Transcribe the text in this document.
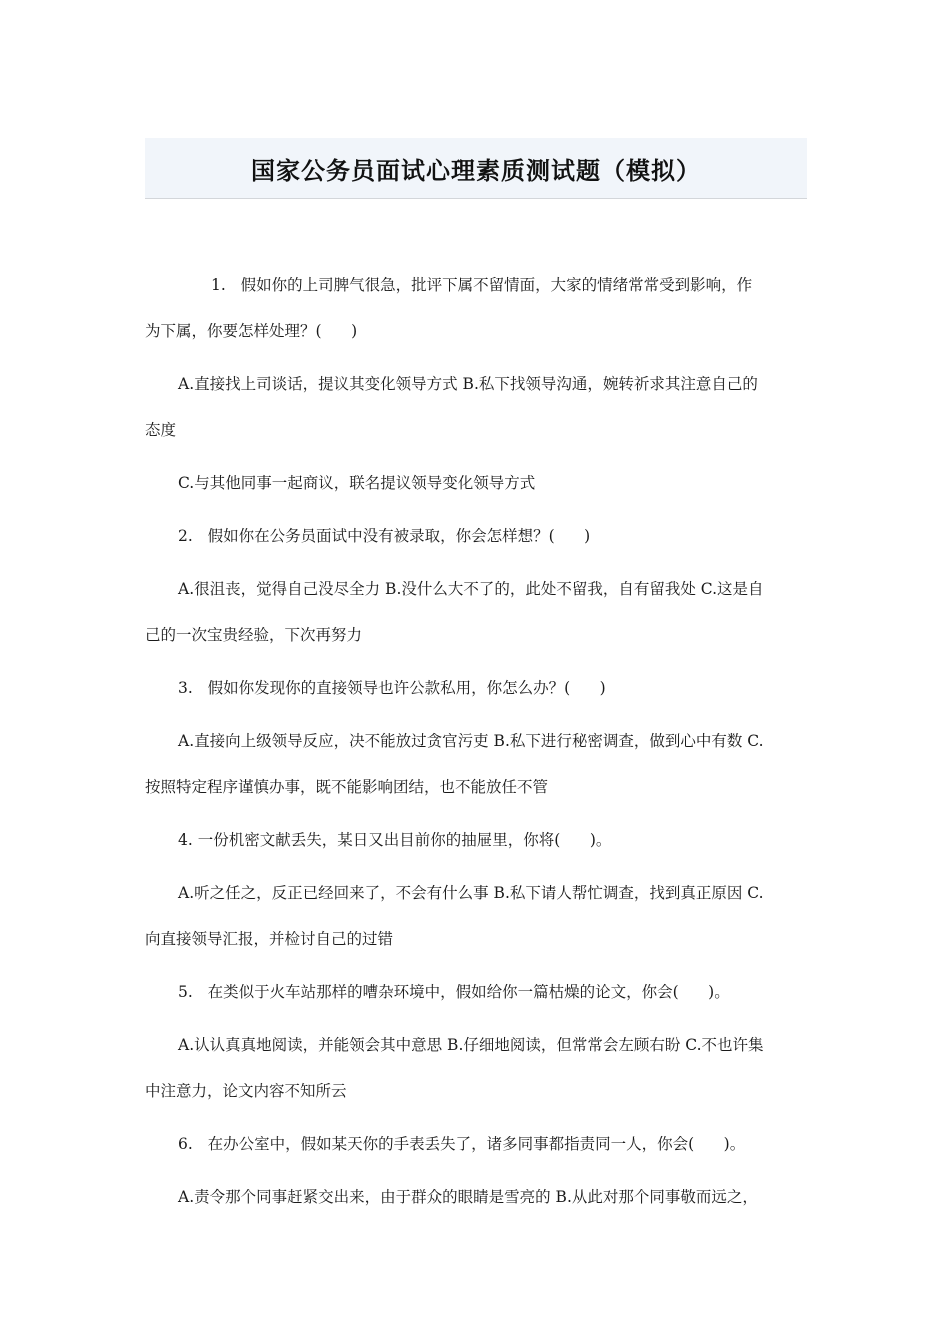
国家公务员面试心理素质测试题（模拟）

1.   假如你的上司脾气很急，批评下属不留情面，大家的情绪常常受到影响，作

为下属，你要怎样处理？(      )

A.直接找上司谈话，提议其变化领导方式 B.私下找领导沟通，婉转祈求其注意自己的

态度

C.与其他同事一起商议，联名提议领导变化领导方式

2.   假如你在公务员面试中没有被录取，你会怎样想？(      )

A.很沮丧，觉得自己没尽全力 B.没什么大不了的，此处不留我，自有留我处 C.这是自

己的一次宝贵经验，下次再努力

3.   假如你发现你的直接领导也许公款私用，你怎么办？(      )

A.直接向上级领导反应，决不能放过贪官污吏 B.私下进行秘密调查，做到心中有数 C.

按照特定程序谨慎办事，既不能影响团结，也不能放任不管

4. 一份机密文献丢失，某日又出目前你的抽屉里，你将(      )。

A.听之任之，反正已经回来了，不会有什么事 B.私下请人帮忙调查，找到真正原因 C.

向直接领导汇报，并检讨自己的过错

5.   在类似于火车站那样的嘈杂环境中，假如给你一篇枯燥的论文，你会(      )。

A.认认真真地阅读，并能领会其中意思 B.仔细地阅读，但常常会左顾右盼 C.不也许集

中注意力，论文内容不知所云

6.   在办公室中，假如某天你的手表丢失了，诸多同事都指责同一人，你会(      )。

A.责令那个同事赶紧交出来，由于群众的眼睛是雪亮的 B.从此对那个同事敬而远之，
